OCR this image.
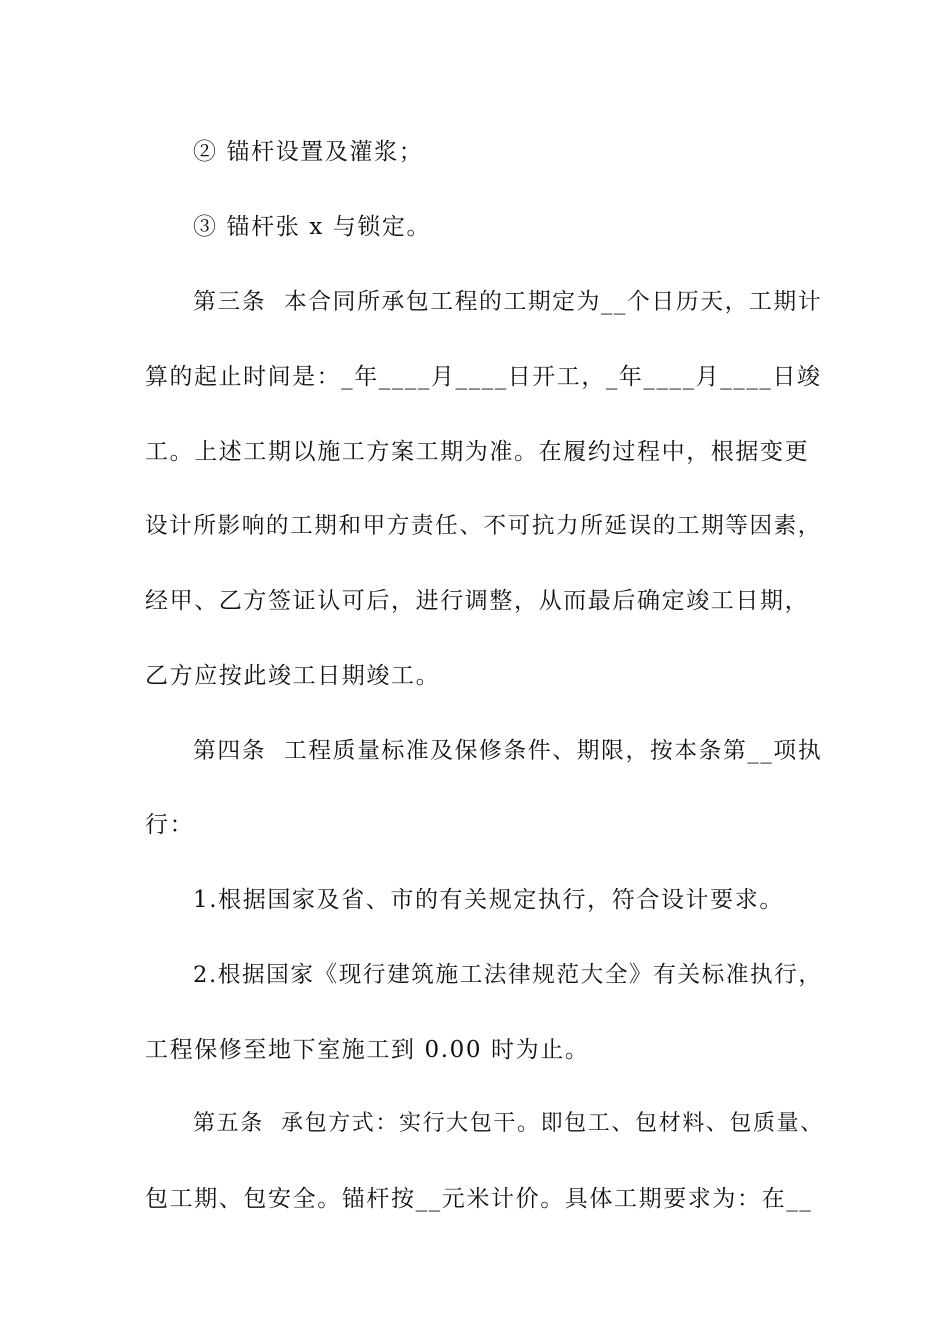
② 锚杆设置及灌浆；
③ 锚杆张 x 与锁定。
第三条  本合同所承包工程的工期定为__个日历天，工期计
算的起止时间是：_年____月____日开工，_年____月____日竣
工。上述工期以施工方案工期为准。在履约过程中，根据变更
设计所影响的工期和甲方责任、不可抗力所延误的工期等因素，
经甲、乙方签证认可后，进行调整，从而最后确定竣工日期，
乙方应按此竣工日期竣工。
第四条  工程质量标准及保修条件、期限，按本条第__项执
行：
1.根据国家及省、市的有关规定执行，符合设计要求。
2.根据国家《现行建筑施工法律规范大全》有关标准执行，
工程保修至地下室施工到 0.00 时为止。
第五条  承包方式：实行大包干。即包工、包材料、包质量、
包工期、包安全。锚杆按__元米计价。具体工期要求为：在__
